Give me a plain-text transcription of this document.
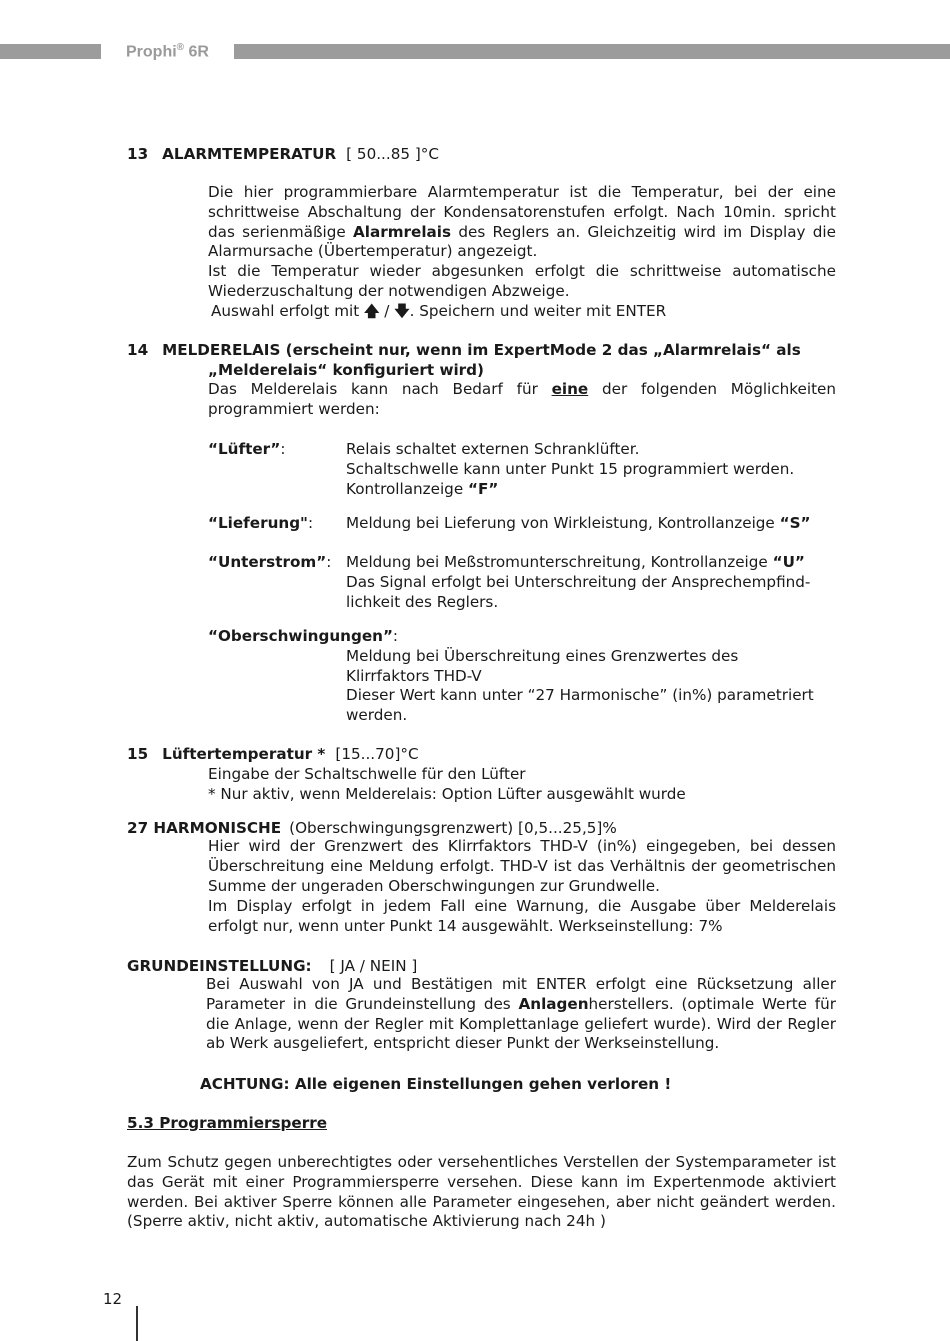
Prophi® 6R
13 ALARMTEMPERATUR [ 50...85 ]°C
Die hier programmierbare Alarmtemperatur ist die Temperatur, bei der eine schrittweise Abschaltung der Kondensatorenstufen erfolgt. Nach 10min. spricht das serienmäßige Alarmrelais des Reglers an. Gleichzeitig wird im Display die Alarmursache (Übertemperatur) angezeigt.
Ist die Temperatur wieder abgesunken erfolgt die schrittweise automatische Wiederzuschaltung der notwendigen Abzweige.
Auswahl erfolgt mit 🡅 / 🡇. Speichern und weiter mit ENTER
14 MELDERELAIS (erscheint nur, wenn im ExpertMode 2 das „Alarmrelais“ als
„Melderelais“ konfiguriert wird)
Das Melderelais kann nach Bedarf für eine der folgenden Möglichkeiten programmiert werden:
“Lüfter”:	Relais schaltet externen Schranklüfter.
Schaltschwelle kann unter Punkt 15 programmiert werden.
Kontrollanzeige “F”
“Lieferung": Meldung bei Lieferung von Wirkleistung, Kontrollanzeige “S”
“Unterstrom”: Meldung bei Meßstromunterschreitung, Kontrollanzeige “U”
Das Signal erfolgt bei Unterschreitung der Ansprechempfind-
lichkeit des Reglers.
“Oberschwingungen”:
Meldung bei Überschreitung eines Grenzwertes des
Klirrfaktors THD-V
Dieser Wert kann unter “27 Harmonische” (in%) parametriert
werden.
15 Lüftertemperatur * [15...70]°C
Eingabe der Schaltschwelle für den Lüfter
* Nur aktiv, wenn Melderelais: Option Lüfter ausgewählt wurde
27 HARMONISCHE (Oberschwingungsgrenzwert) [0,5...25,5]%
Hier wird der Grenzwert des Klirrfaktors THD-V (in%) eingegeben, bei dessen Überschreitung eine Meldung erfolgt. THD-V ist das Verhältnis der geometrischen Summe der ungeraden Oberschwingungen zur Grundwelle.
Im Display erfolgt in jedem Fall eine Warnung, die Ausgabe über Melderelais erfolgt nur, wenn unter Punkt 14 ausgewählt. Werkseinstellung: 7%
GRUNDEINSTELLUNG: [ JA / NEIN ]
Bei Auswahl von JA und Bestätigen mit ENTER erfolgt eine Rücksetzung aller Parameter in die Grundeinstellung des Anlagenherstellers. (optimale Werte für die Anlage, wenn der Regler mit Komplettanlage geliefert wurde). Wird der Regler ab Werk ausgeliefert, entspricht dieser Punkt der Werkseinstellung.
ACHTUNG: Alle eigenen Einstellungen gehen verloren !
5.3 Programmiersperre
Zum Schutz gegen unberechtigtes oder versehentliches Verstellen der Systemparameter ist das Gerät mit einer Programmiersperre versehen. Diese kann im Expertenmode aktiviert werden. Bei aktiver Sperre können alle Parameter eingesehen, aber nicht geändert werden. (Sperre aktiv, nicht aktiv, automatische Aktivierung nach 24h )
12
